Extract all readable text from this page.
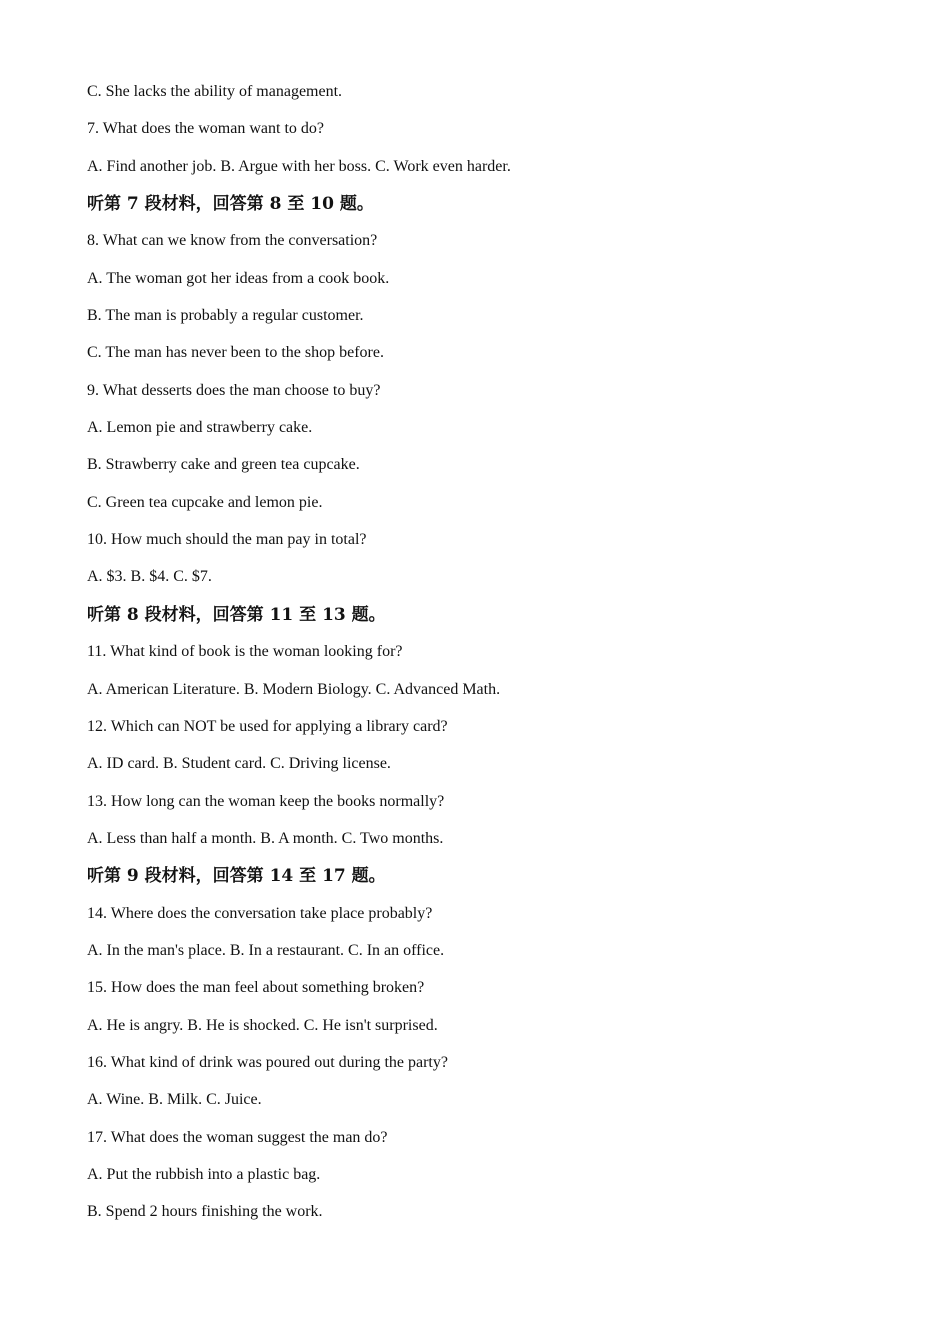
C. She lacks the ability of management.
7. What does the woman want to do?
A. Find another job. B. Argue with her boss. C. Work even harder.
听第 7 段材料，回答第 8 至 10 题。
8. What can we know from the conversation?
A. The woman got her ideas from a cook book.
B. The man is probably a regular customer.
C. The man has never been to the shop before.
9. What desserts does the man choose to buy?
A. Lemon pie and strawberry cake.
B. Strawberry cake and green tea cupcake.
C. Green tea cupcake and lemon pie.
10. How much should the man pay in total?
A. $3. B. $4. C. $7.
听第 8 段材料，回答第 11 至 13 题。
11. What kind of book is the woman looking for?
A. American Literature. B. Modern Biology. C. Advanced Math.
12. Which can NOT be used for applying a library card?
A. ID card. B. Student card. C. Driving license.
13. How long can the woman keep the books normally?
A. Less than half a month. B. A month. C. Two months.
听第 9 段材料，回答第 14 至 17 题。
14. Where does the conversation take place probably?
A. In the man's place. B. In a restaurant. C. In an office.
15. How does the man feel about something broken?
A. He is angry. B. He is shocked. C. He isn't surprised.
16. What kind of drink was poured out during the party?
A. Wine. B. Milk. C. Juice.
17. What does the woman suggest the man do?
A. Put the rubbish into a plastic bag.
B. Spend 2 hours finishing the work.
